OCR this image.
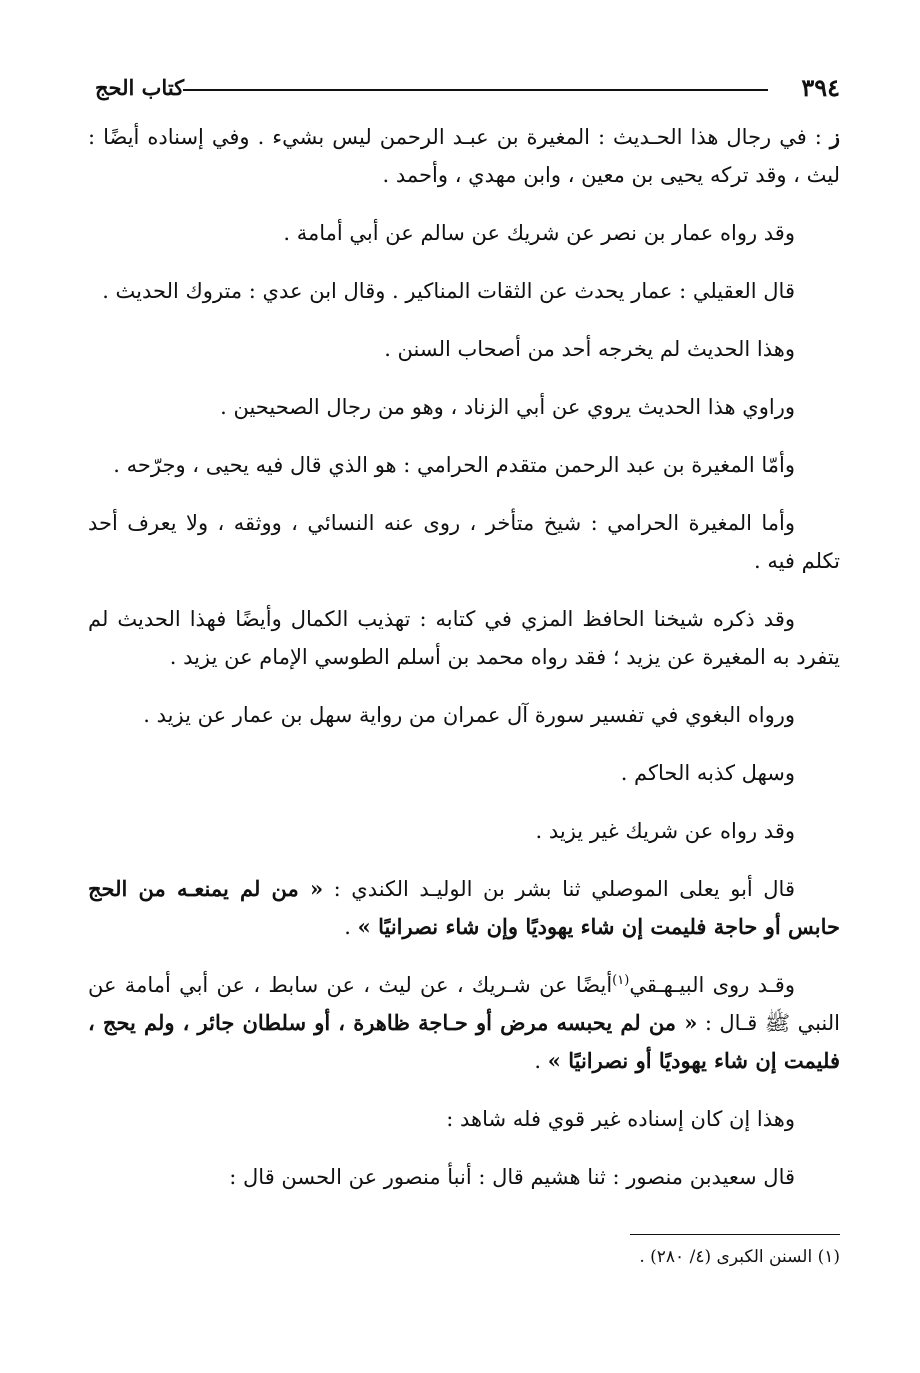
٣٩٤
كتاب الحج

ز : في رجال هذا الحـديث : المغيرة بن عبـد الرحمن ليس بشيء . وفي إسناده أيضًا : ليث ، وقد تركه يحيى بن معين ، وابن مهدي ، وأحمد .

وقد رواه عمار بن نصر عن شريك عن سالم عن أبي أمامة .

قال العقيلي : عمار يحدث عن الثقات المناكير . وقال ابن عدي : متروك الحديث .

وهذا الحديث لم يخرجه أحد من أصحاب السنن .

وراوي هذا الحديث يروي عن أبي الزناد ، وهو من رجال الصحيحين .

وأمّا المغيرة بن عبد الرحمن متقدم الحرامي : هو الذي قال فيه يحيى ، وجرّحه .

وأما المغيرة الحرامي : شيخ متأخر ، روى عنه النسائي ، ووثقه ، ولا يعرف أحد تكلم فيه .

وقد ذكره شيخنا الحافظ المزي في كتابه : تهذيب الكمال وأيضًا فهذا الحديث لم يتفرد به المغيرة عن يزيد ؛ فقد رواه محمد بن أسلم الطوسي الإمام عن يزيد .

ورواه البغوي في تفسير سورة آل عمران من رواية سهل بن عمار عن يزيد .

وسهل كذبه الحاكم .

وقد رواه عن شريك غير يزيد .

قال أبو يعلى الموصلي ثنا بشر بن الوليـد الكندي : « من لم يمنعـه من الحج حابس أو حاجة فليمت إن شاء يهوديًا وإن شاء نصرانيًا » .

وقـد روى البيـهـقي$^{(١)}$أيضًا عن شـريك ، عن ليث ، عن سابط ، عن أبي أمامة عن النبي ﷺ قـال : « من لم يحبسه مرض أو حـاجة ظاهرة ، أو سلطان جائر ، ولم يحج ، فليمت إن شاء يهوديًا أو نصرانيًا » .

وهذا إن كان إسناده غير قوي فله شاهد :

قال سعيدبن منصور : ثنا هشيم قال : أنبأ منصور عن الحسن قال :

(١) السنن الكبرى (٤/ ٢٨٠) .
